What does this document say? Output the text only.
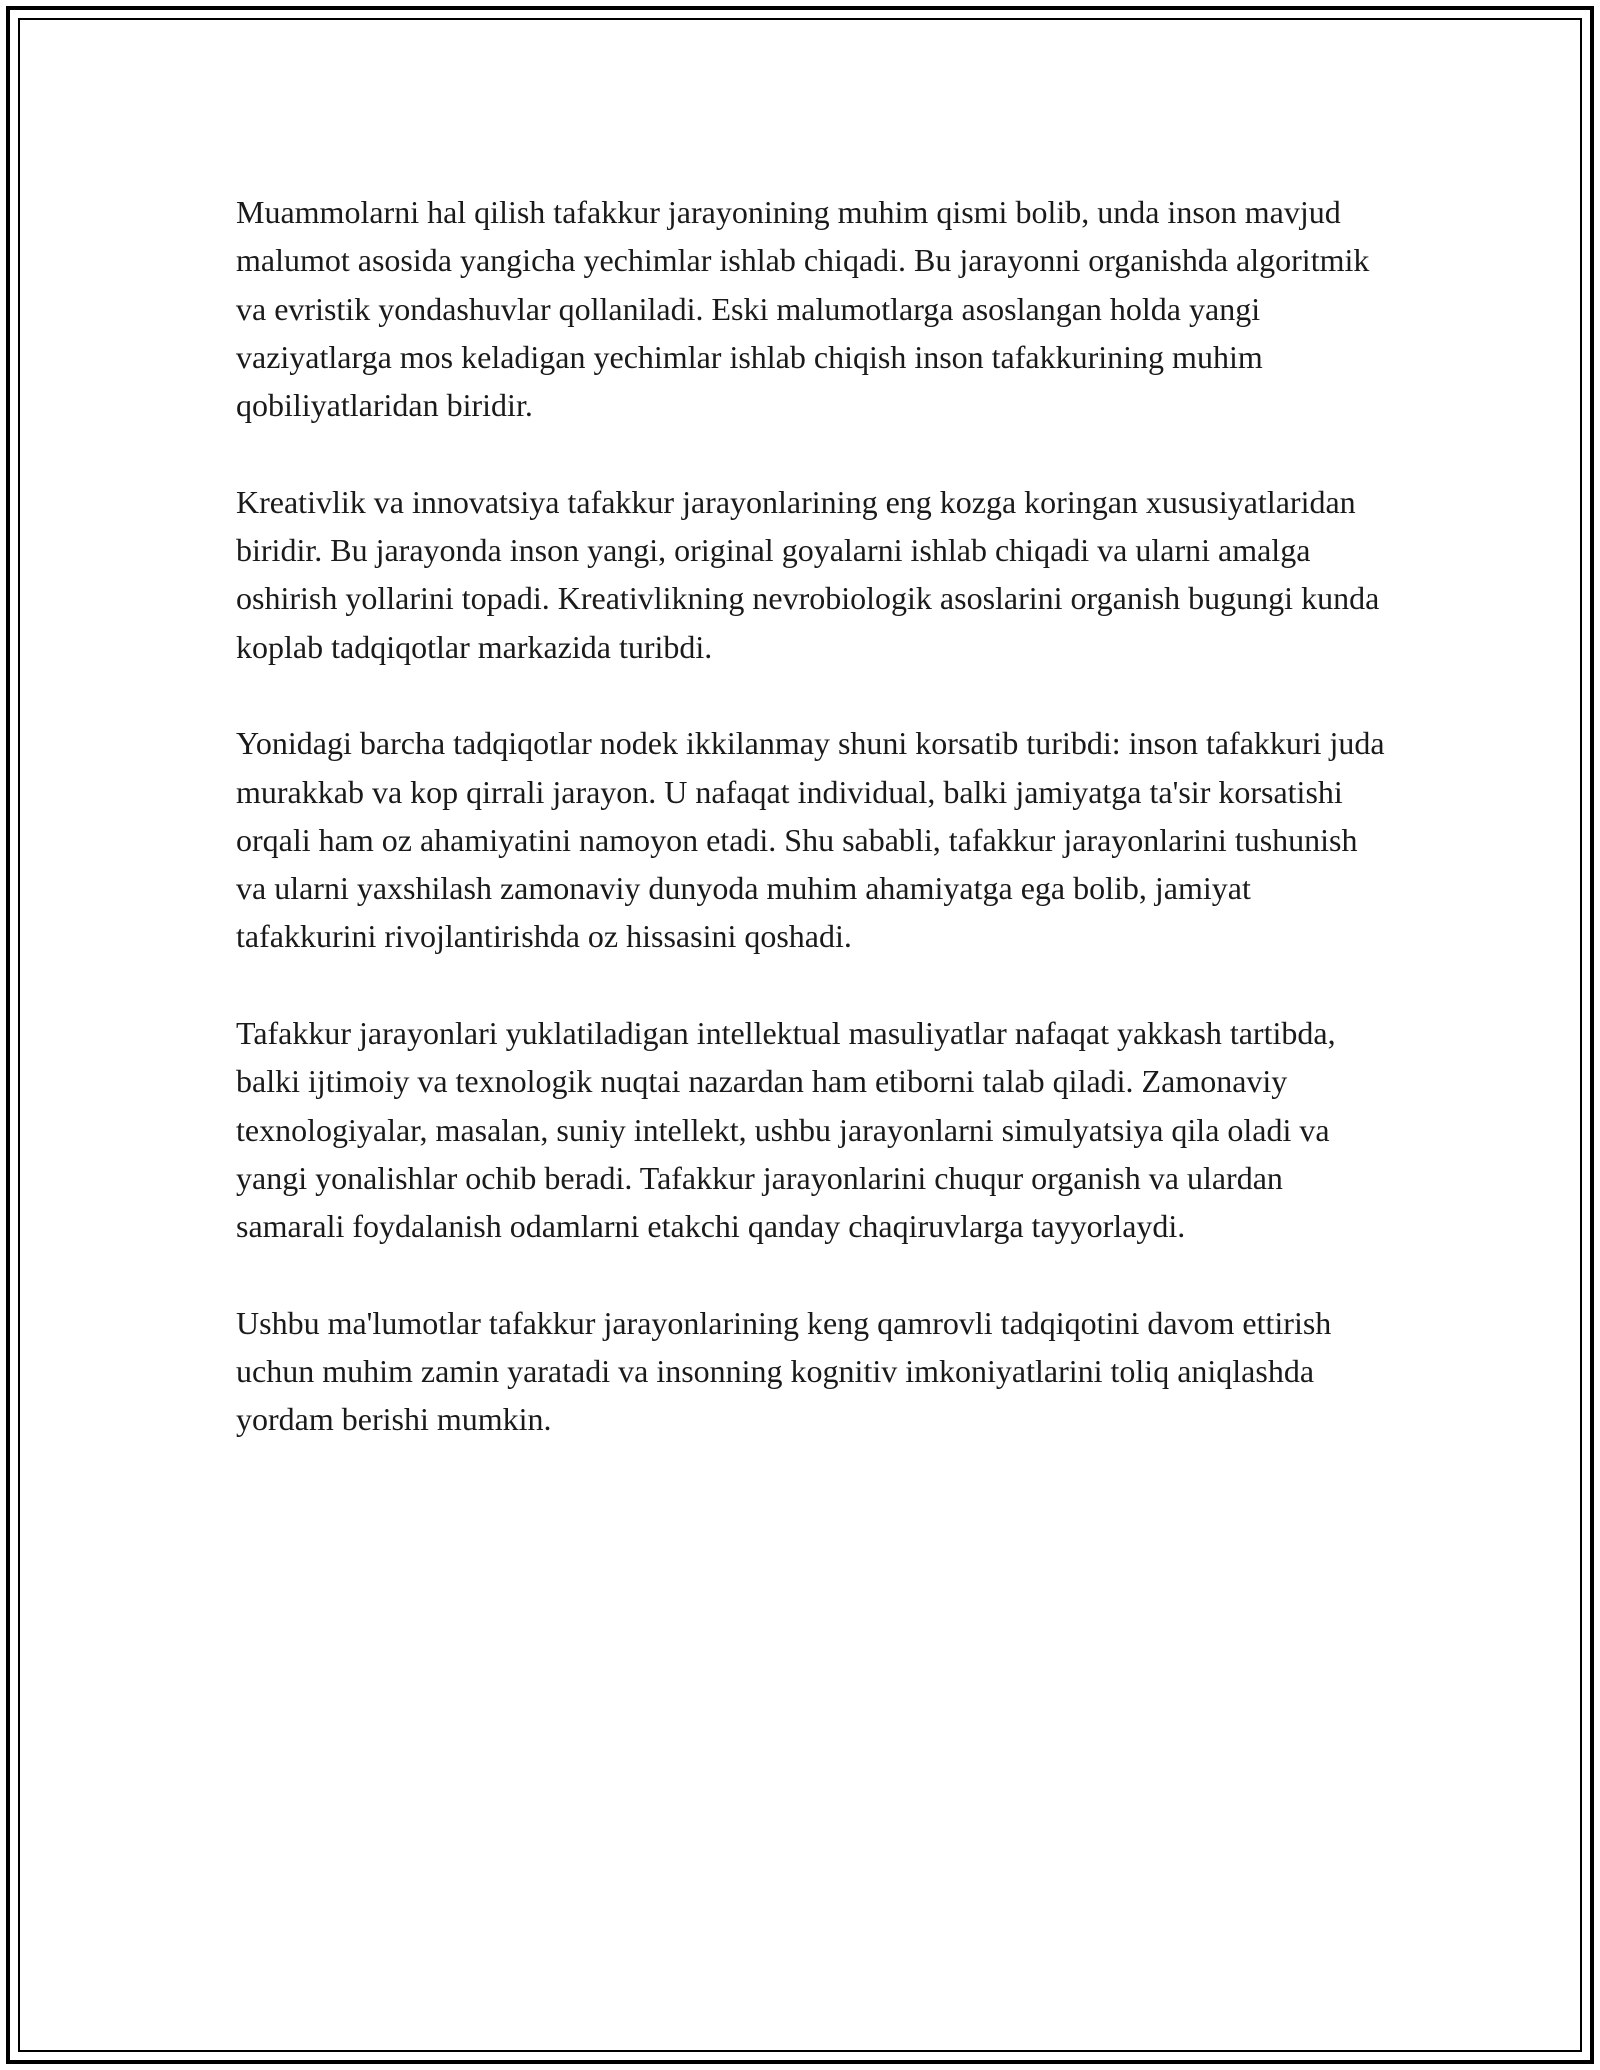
Muammolarni hal qilish tafakkur jarayonining muhim qismi bolib, unda inson mavjud malumot asosida yangicha yechimlar ishlab chiqadi. Bu jarayonni organishda algoritmik va evristik yondashuvlar qollaniladi. Eski malumotlarga asoslangan holda yangi vaziyatlarga mos keladigan yechimlar ishlab chiqish inson tafakkurining muhim qobiliyatlaridan biridir.

Kreativlik va innovatsiya tafakkur jarayonlarining eng kozga koringan xususiyatlaridan biridir. Bu jarayonda inson yangi, original goyalarni ishlab chiqadi va ularni amalga oshirish yollarini topadi. Kreativlikning nevrobiologik asoslarini organish bugungi kunda koplab tadqiqotlar markazida turibdi.

Yonidagi barcha tadqiqotlar nodek ikkilanmay shuni korsatib turibdi: inson tafakkuri juda murakkab va kop qirrali jarayon. U nafaqat individual, balki jamiyatga ta'sir korsatishi orqali ham oz ahamiyatini namoyon etadi. Shu sababli, tafakkur jarayonlarini tushunish va ularni yaxshilash zamonaviy dunyoda muhim ahamiyatga ega bolib, jamiyat tafakkurini rivojlantirishda oz hissasini qoshadi.

Tafakkur jarayonlari yuklatiladigan intellektual masuliyatlar nafaqat yakkash tartibda, balki ijtimoiy va texnologik nuqtai nazardan ham etiborni talab qiladi. Zamonaviy texnologiyalar, masalan, suniy intellekt, ushbu jarayonlarni simulyatsiya qila oladi va yangi yonalishlar ochib beradi. Tafakkur jarayonlarini chuqur organish va ulardan samarali foydalanish odamlarni etakchi qanday chaqiruvlarga tayyorlaydi.

Ushbu ma'lumotlar tafakkur jarayonlarining keng qamrovli tadqiqotini davom ettirish uchun muhim zamin yaratadi va insonning kognitiv imkoniyatlarini toliq aniqlashda yordam berishi mumkin.
